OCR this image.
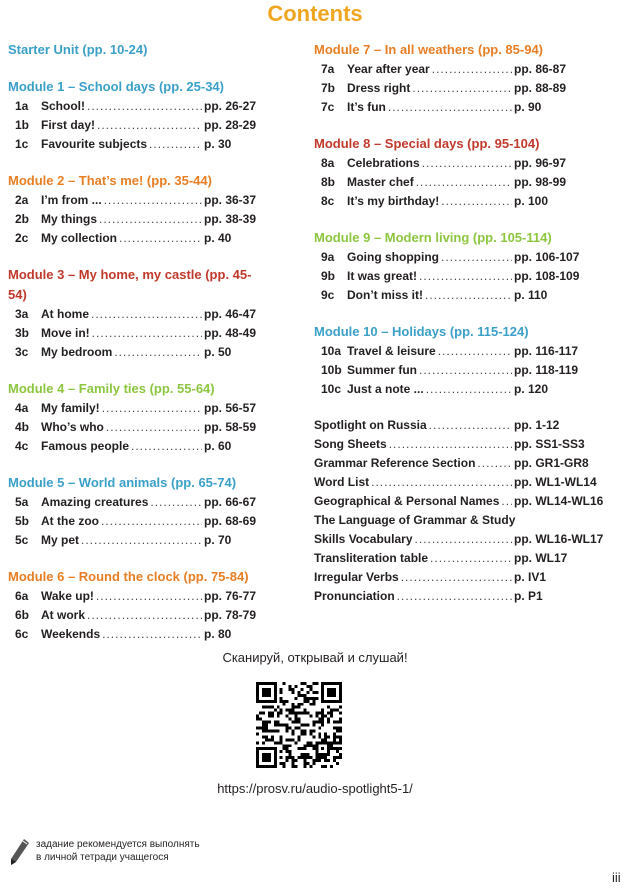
Contents
Starter Unit (pp. 10-24)
Module 1 – School days (pp. 25-34)
1a	School! .....	pp. 26-27
1b First day! .....	pp. 28-29
1c	Favourite subjects .....	p. 30
Module 2 – That’s me! (pp. 35-44)
2a	I’m from ... .....	pp. 36-37
2b My things .....	pp. 38-39
2c	My collection .....	p. 40
Module 3 – My home, my castle (pp. 45-54)
3a	At home .....	pp. 46-47
3b Move in! .....	pp. 48-49
3c	My bedroom .....	p. 50
Module 4 – Family ties (pp. 55-64)
4a	My family! .....	pp. 56-57
4b Who’s who .....	pp. 58-59
4c	Famous people .....	p. 60
Module 5 – World animals (pp. 65-74)
5a	Amazing creatures .....	pp. 66-67
5b At the zoo .....	pp. 68-69
5c	My pet .....	p. 70
Module 6 – Round the clock (pp. 75-84)
6a	Wake up! .....	pp. 76-77
6b At work .....	pp. 78-79
6c	Weekends .....	p. 80
Module 7 – In all weathers (pp. 85-94)
7a	Year after year .....	pp. 86-87
7b Dress right .....	pp. 88-89
7c	It’s fun .....	p. 90
Module 8 – Special days (pp. 95-104)
8a	Celebrations .....	pp. 96-97
8b Master chef .....	pp. 98-99
8c	It’s my birthday! .....	p. 100
Module 9 – Modern living (pp. 105-114)
9a	Going shopping .....	pp. 106-107
9b It was great! .....	pp. 108-109
9c	Don’t miss it! .....	p. 110
Module 10 – Holidays (pp. 115-124)
10a Travel & leisure .....	pp. 116-117
10b Summer fun .....	pp. 118-119
10c Just a note ... .....	p. 120
Spotlight on Russia .....	pp. 1-12
Song Sheets .....	pp. SS1-SS3
Grammar Reference Section .....	pp. GR1-GR8
Word List .....	pp. WL1-WL14
Geographical & Personal Names ..... pp. WL14-WL16
The Language of Grammar & Study
Skills Vocabulary .....	pp. WL16-WL17
Transliteration table .....	pp. WL17
Irregular Verbs .....	p. IV1
Pronunciation .....	p. P1
Сканируй, открывай и слушай!
https://prosv.ru/audio-spotlight5-1/
задание рекомендуется выполнять
в личной тетради учащегося
iii
